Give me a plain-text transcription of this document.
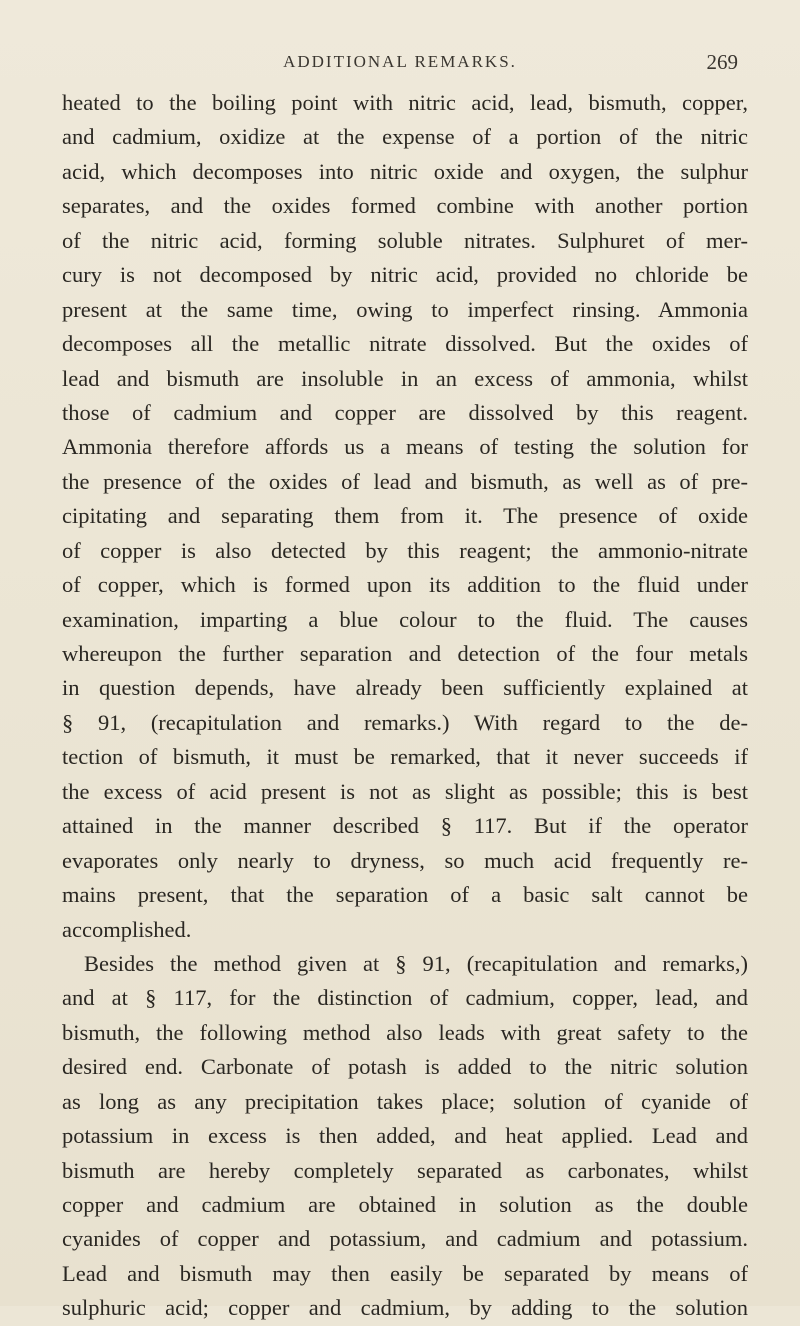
ADDITIONAL REMARKS.	269
heated to the boiling point with nitric acid, lead, bismuth, copper,
and cadmium, oxidize at the expense of a portion of the nitric
acid, which decomposes into nitric oxide and oxygen, the sulphur
separates, and the oxides formed combine with another portion
of the nitric acid, forming soluble nitrates. Sulphuret of mer-
cury is not decomposed by nitric acid, provided no chloride be
present at the same time, owing to imperfect rinsing. Ammonia
decomposes all the metallic nitrate dissolved. But the oxides of
lead and bismuth are insoluble in an excess of ammonia, whilst
those of cadmium and copper are dissolved by this reagent.
Ammonia therefore affords us a means of testing the solution for
the presence of the oxides of lead and bismuth, as well as of pre-
cipitating and separating them from it. The presence of oxide
of copper is also detected by this reagent; the ammonio-nitrate
of copper, which is formed upon its addition to the fluid under
examination, imparting a blue colour to the fluid. The causes
whereupon the further separation and detection of the four metals
in question depends, have already been sufficiently explained at
§ 91, (recapitulation and remarks.) With regard to the de-
tection of bismuth, it must be remarked, that it never succeeds if
the excess of acid present is not as slight as possible; this is best
attained in the manner described § 117. But if the operator
evaporates only nearly to dryness, so much acid frequently re-
mains present, that the separation of a basic salt cannot be
accomplished.
Besides the method given at § 91, (recapitulation and remarks,)
and at § 117, for the distinction of cadmium, copper, lead, and
bismuth, the following method also leads with great safety to the
desired end. Carbonate of potash is added to the nitric solution
as long as any precipitation takes place; solution of cyanide of
potassium in excess is then added, and heat applied. Lead and
bismuth are hereby completely separated as carbonates, whilst
copper and cadmium are obtained in solution as the double
cyanides of copper and potassium, and cadmium and potassium.
Lead and bismuth may then easily be separated by means of
sulphuric acid; copper and cadmium, by adding to the solution
